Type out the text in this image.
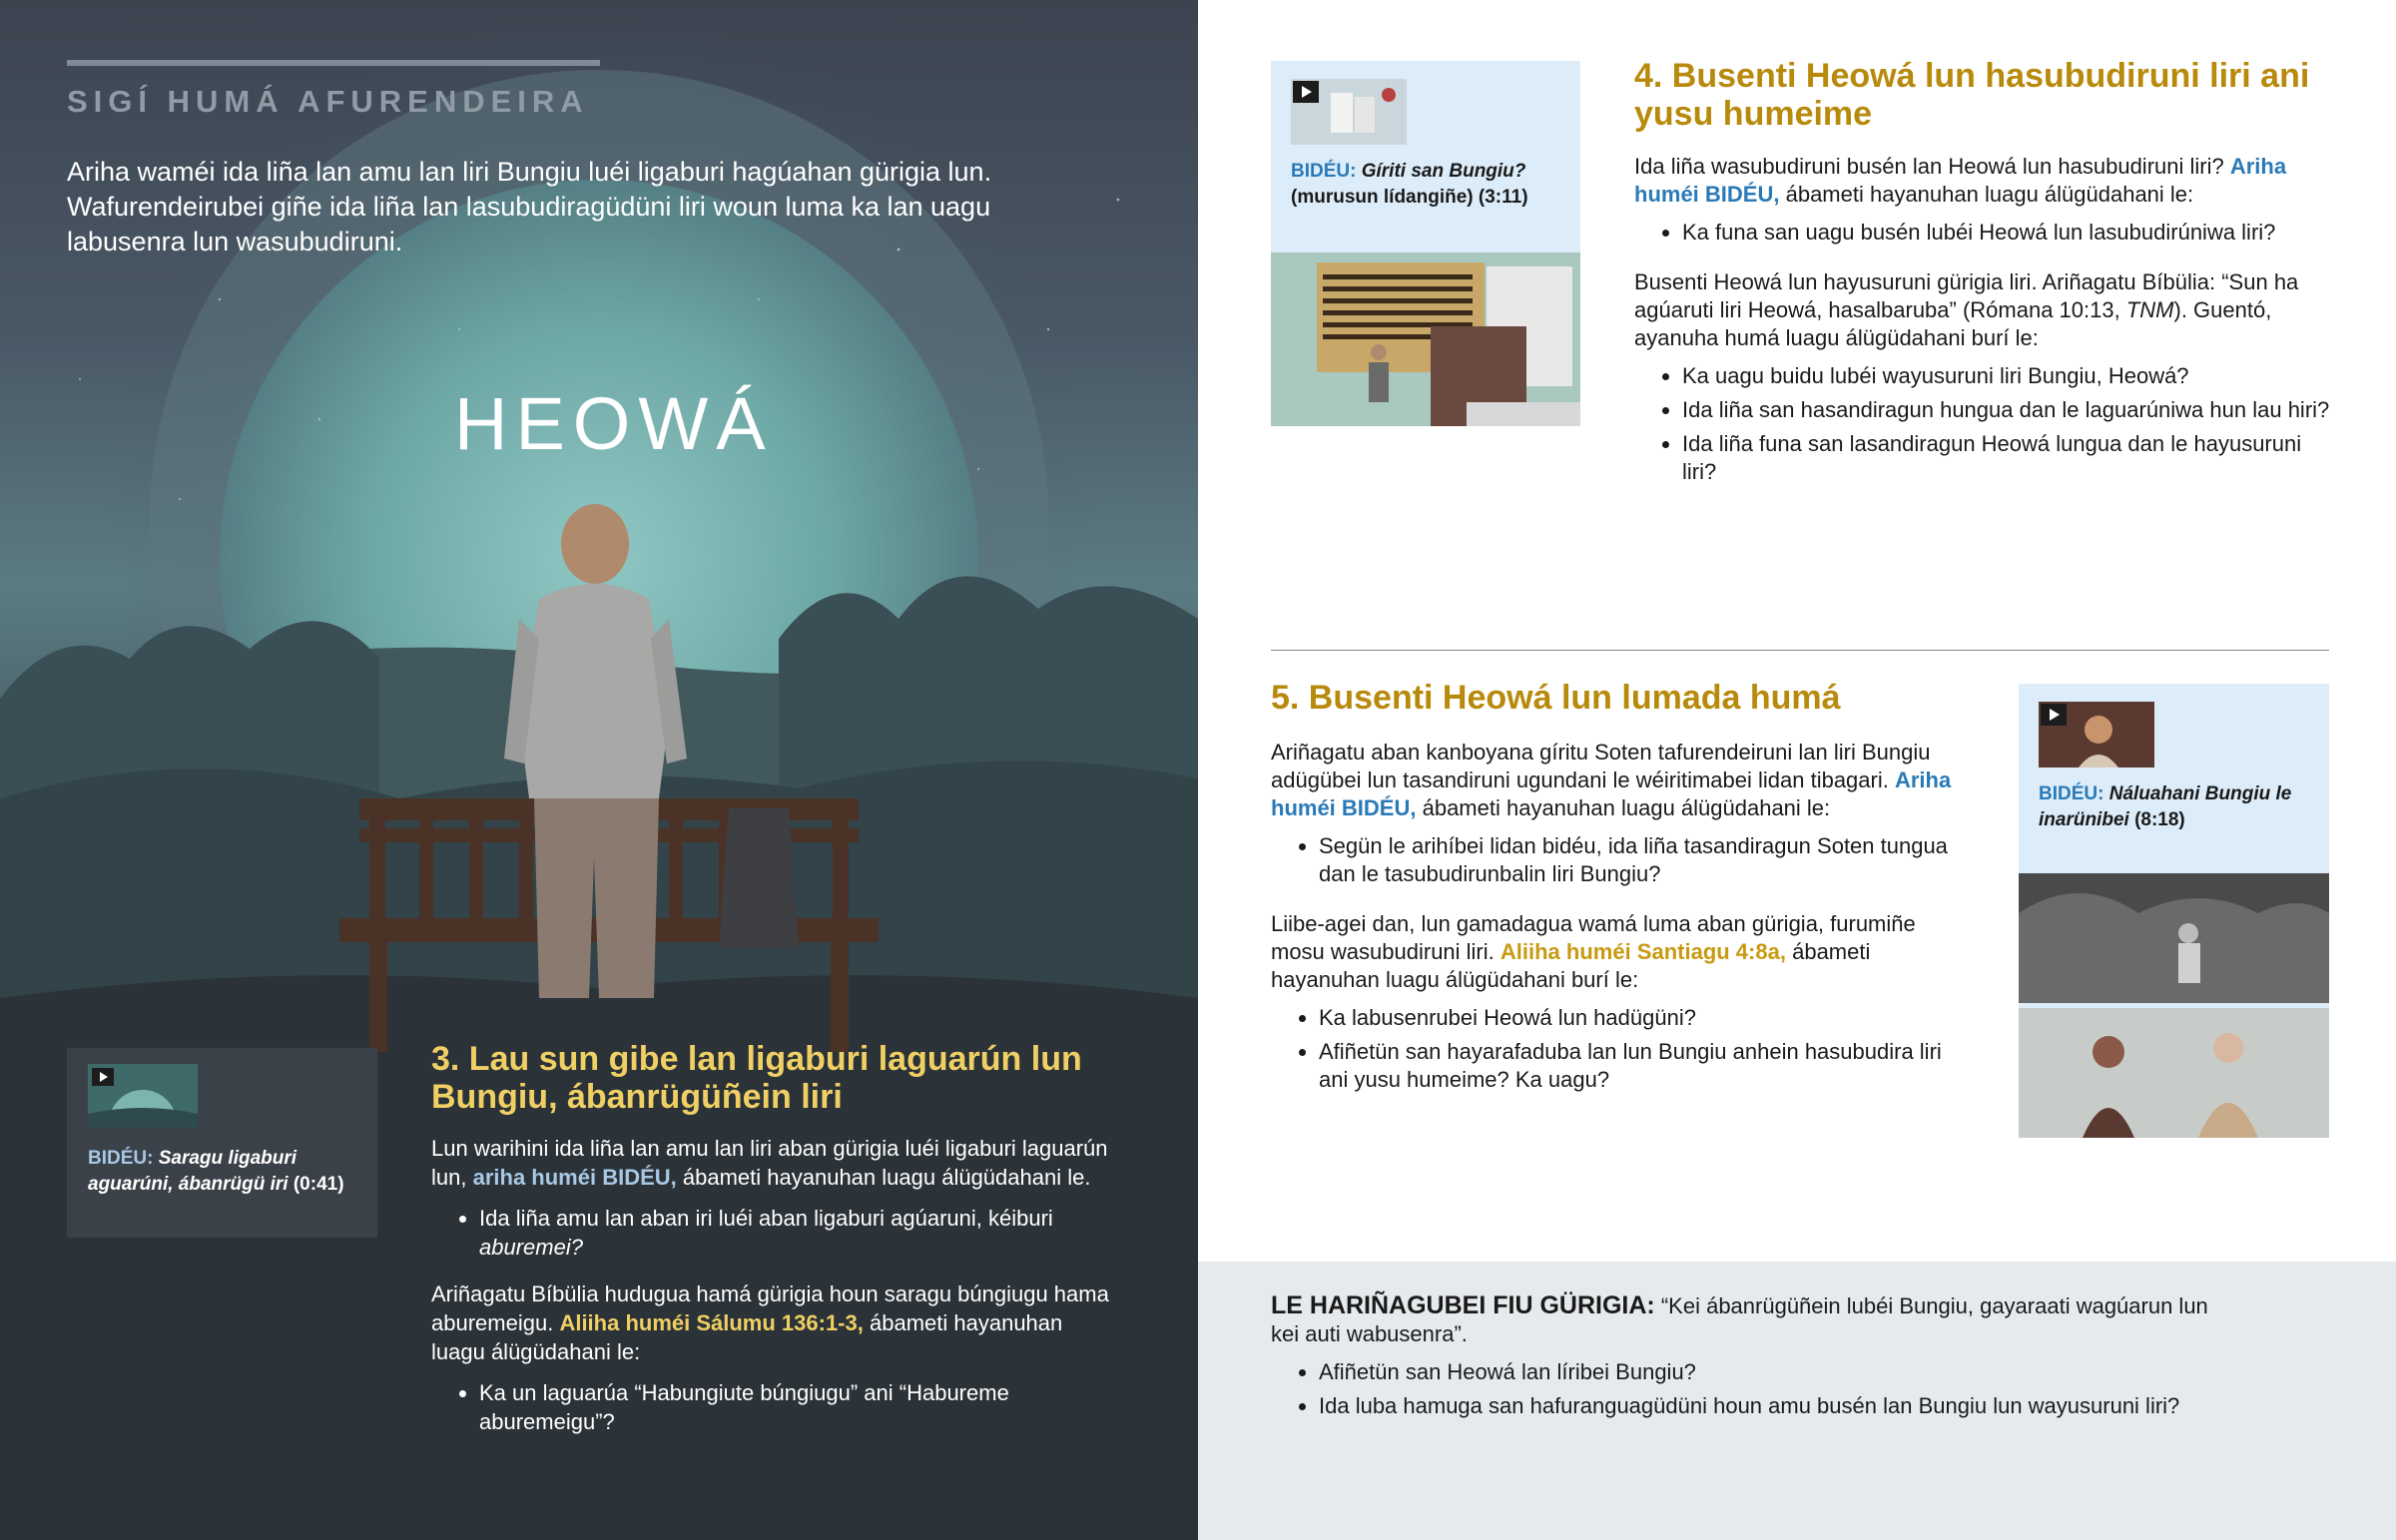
SIGÍ HUMÁ AFURENDEIRA
Ariha waméi ida liña lan amu lan liri Bungiu luéi ligaburi hagúahan gürigia lun. Wafurendeirubei giñe ida liña lan lasubudiragüdüni liri woun luma ka lan uagu labusenra lun wasubudiruni.
HEOWÁ
BIDÉU: Saragu ligaburi aguarúni, ábanrügü iri (0:41)
3. Lau sun gibe lan ligaburi laguarún lun Bungiu, ábanrügüñein liri
Lun warihini ida liña lan amu lan liri aban gürigia luéi ligaburi laguarún lun, ariha huméi BIDÉU, ábameti hayanuhan luagu álügüdahani le.
• Ida liña amu lan aban iri luéi aban ligaburi agúaruni, kéiburi aburemei?
Ariñagatu Bíbülia hudugua hamá gürigia houn saragu búngiugu hama aburemeigu. Aliiha huméi Sálumu 136:1-3, ábameti hayanuhan luagu álügüdahani le:
• Ka un laguarúa “Habungiute búngiugu” ani “Habureme aburemeigu”?
BIDÉU: Gíriti san Bungiu?
(murusun lídangiñe) (3:11)
4. Busenti Heowá lun hasubudiruni liri ani yusu humeime
Ida liña wasubudiruni busén lan Heowá lun hasubudiruni liri? Ariha huméi BIDÉU, ábameti hayanuhan luagu álügüdahani le:
• Ka funa san uagu busén lubéi Heowá lun lasubudirúniwa liri?
Busenti Heowá lun hayusuruni gürigia liri. Ariñagatu Bíbülia: “Sun ha agúaruti liri Heowá, hasalbaruba” (Rómana 10:13, TNM). Guentó, ayanuha humá luagu álügüdahani burí le:
• Ka uagu buidu lubéi wayusuruni liri Bungiu, Heowá?
• Ida liña san hasandiragun hungua dan le laguarúniwa hun lau hiri?
• Ida liña funa san lasandiragun Heowá lungua dan le hayusuruni liri?
5. Busenti Heowá lun lumada humá
Ariñagatu aban kanboyana gíritu Soten tafurendeiruni lan liri Bungiu adügübei lun tasandiruni ugundani le wéiritimabei lidan tibagari. Ariha huméi BIDÉU, ábameti hayanuhan luagu álügüdahani le:
• Segün le arihíbei lidan bidéu, ida liña tasandiragun Soten tungua dan le tasubudirunbalin liri Bungiu?
Liibe-agei dan, lun gamadagua wamá luma aban gürigia, furumiñe mosu wasubudiruni liri. Aliiha huméi Santiagu 4:8a, ábameti hayanuhan luagu álügüdahani burí le:
• Ka labusenrubei Heowá lun hadügüni?
• Afiñetün san hayarafaduba lan lun Bungiu anhein hasubudira liri ani yusu humeime? Ka uagu?
BIDÉU: Náluahani Bungiu le inarünibei (8:18)
LE HARIÑAGUBEI FIU GÜRIGIA: “Kei ábanrügüñein lubéi Bungiu, gayaraati wagúarun lun kei auti wabusenra”.
• Afiñetün san Heowá lan líribei Bungiu?
• Ida luba hamuga san hafuranguagüdüni houn amu busén lan Bungiu lun wayusuruni liri?
